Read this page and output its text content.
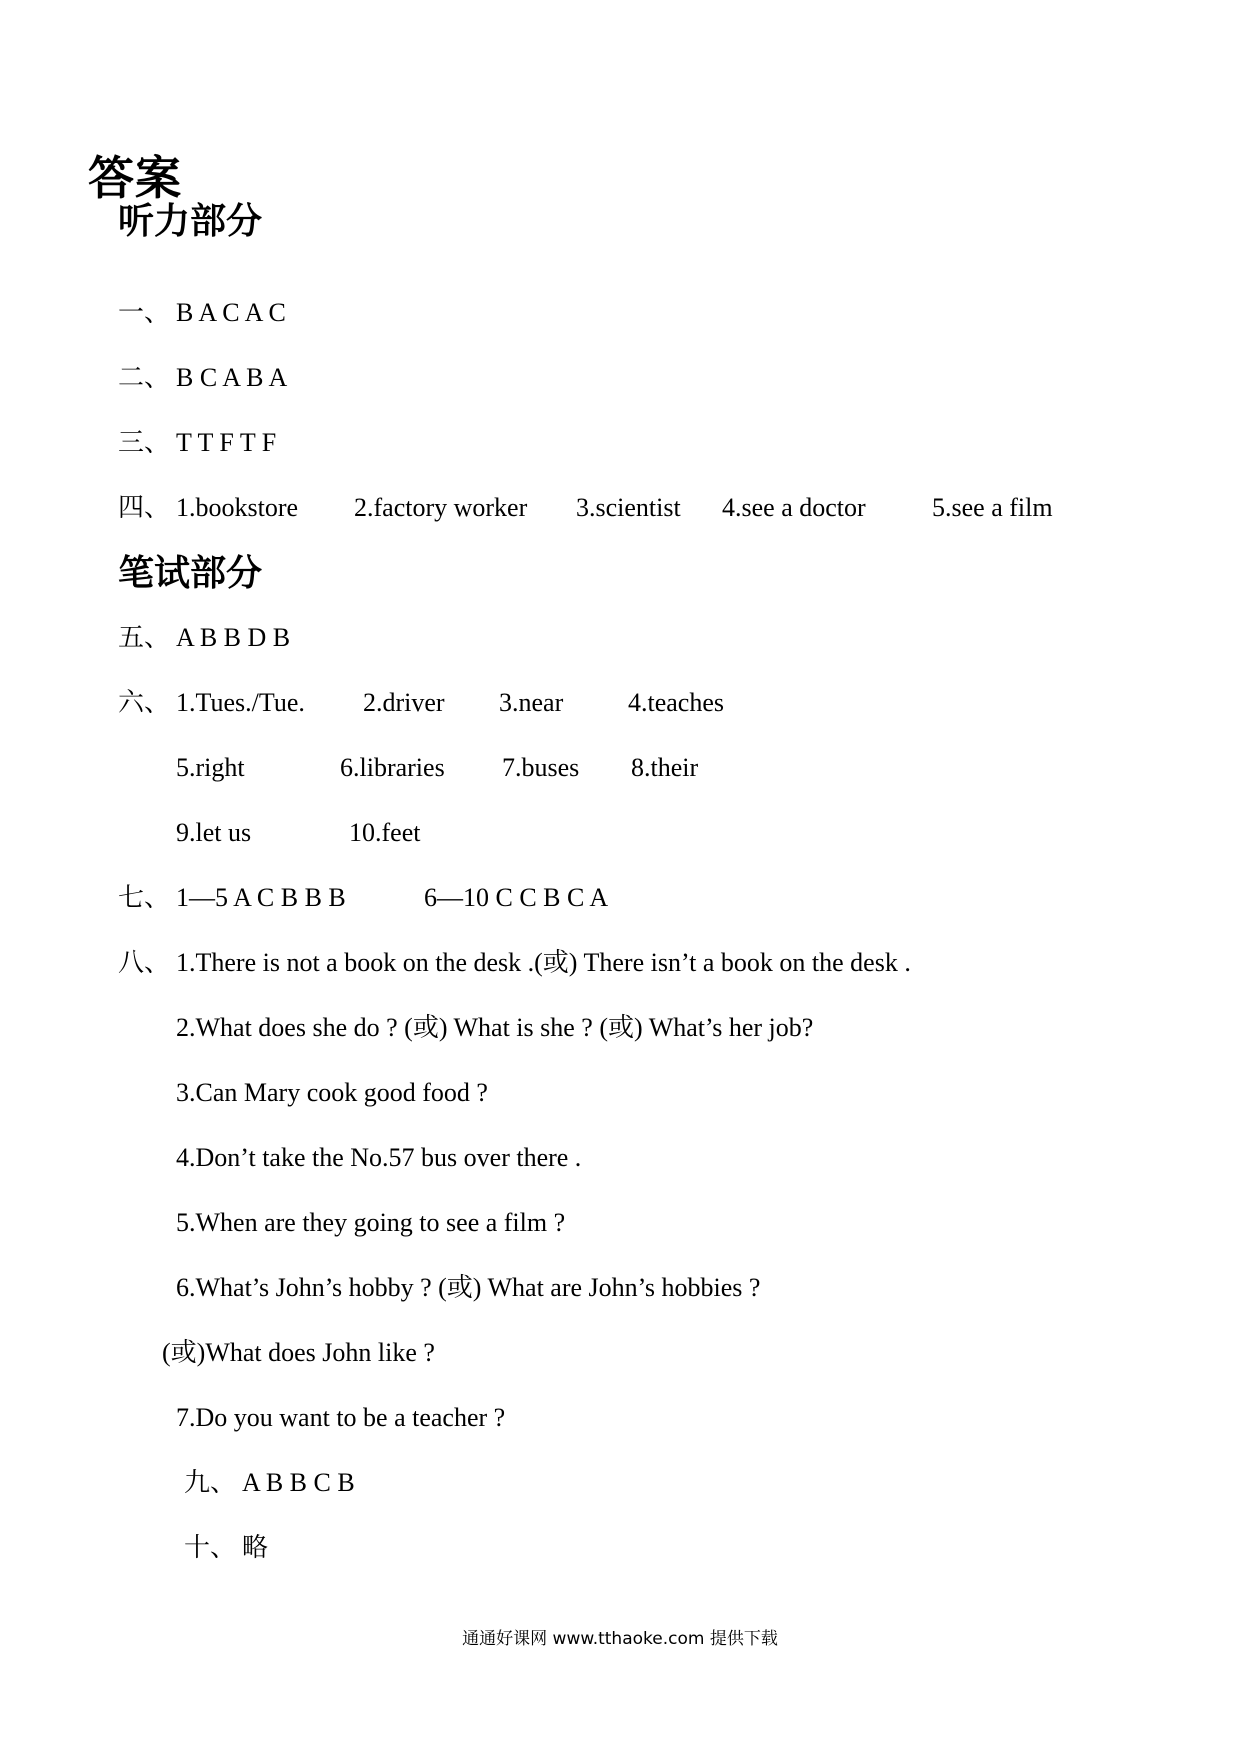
答案
听力部分
一、 B A C A C
二、 B C A B A
三、 T T F T F
四、 1.bookstore 2.factory worker 3.scientist 4.see a doctor	5.see a film
笔试部分
五、 A B B D B
六、 1.Tues./Tue. 2.driver 3.near 4.teaches
5.right	6.libraries 7.buses 8.their
9.let us	10.feet
七、 1—5 A C B B B	6—10 C C B C A
八、 1.There is not a book on the desk .(或) There isn’t a book on the desk .
2.What does she do ? (或) What is she ? (或) What’s her job?
3.Can Mary cook good food ?
4.Don’t take the No.57 bus over there .
5.When are they going to see a film ?
6.What’s John’s hobby ? (或) What are John’s hobbies ?
(或)What does John like ?
7.Do you want to be a teacher ?
九、 A B B C B
十、 略
通通好课网 www.tthaoke.com 提供下载
